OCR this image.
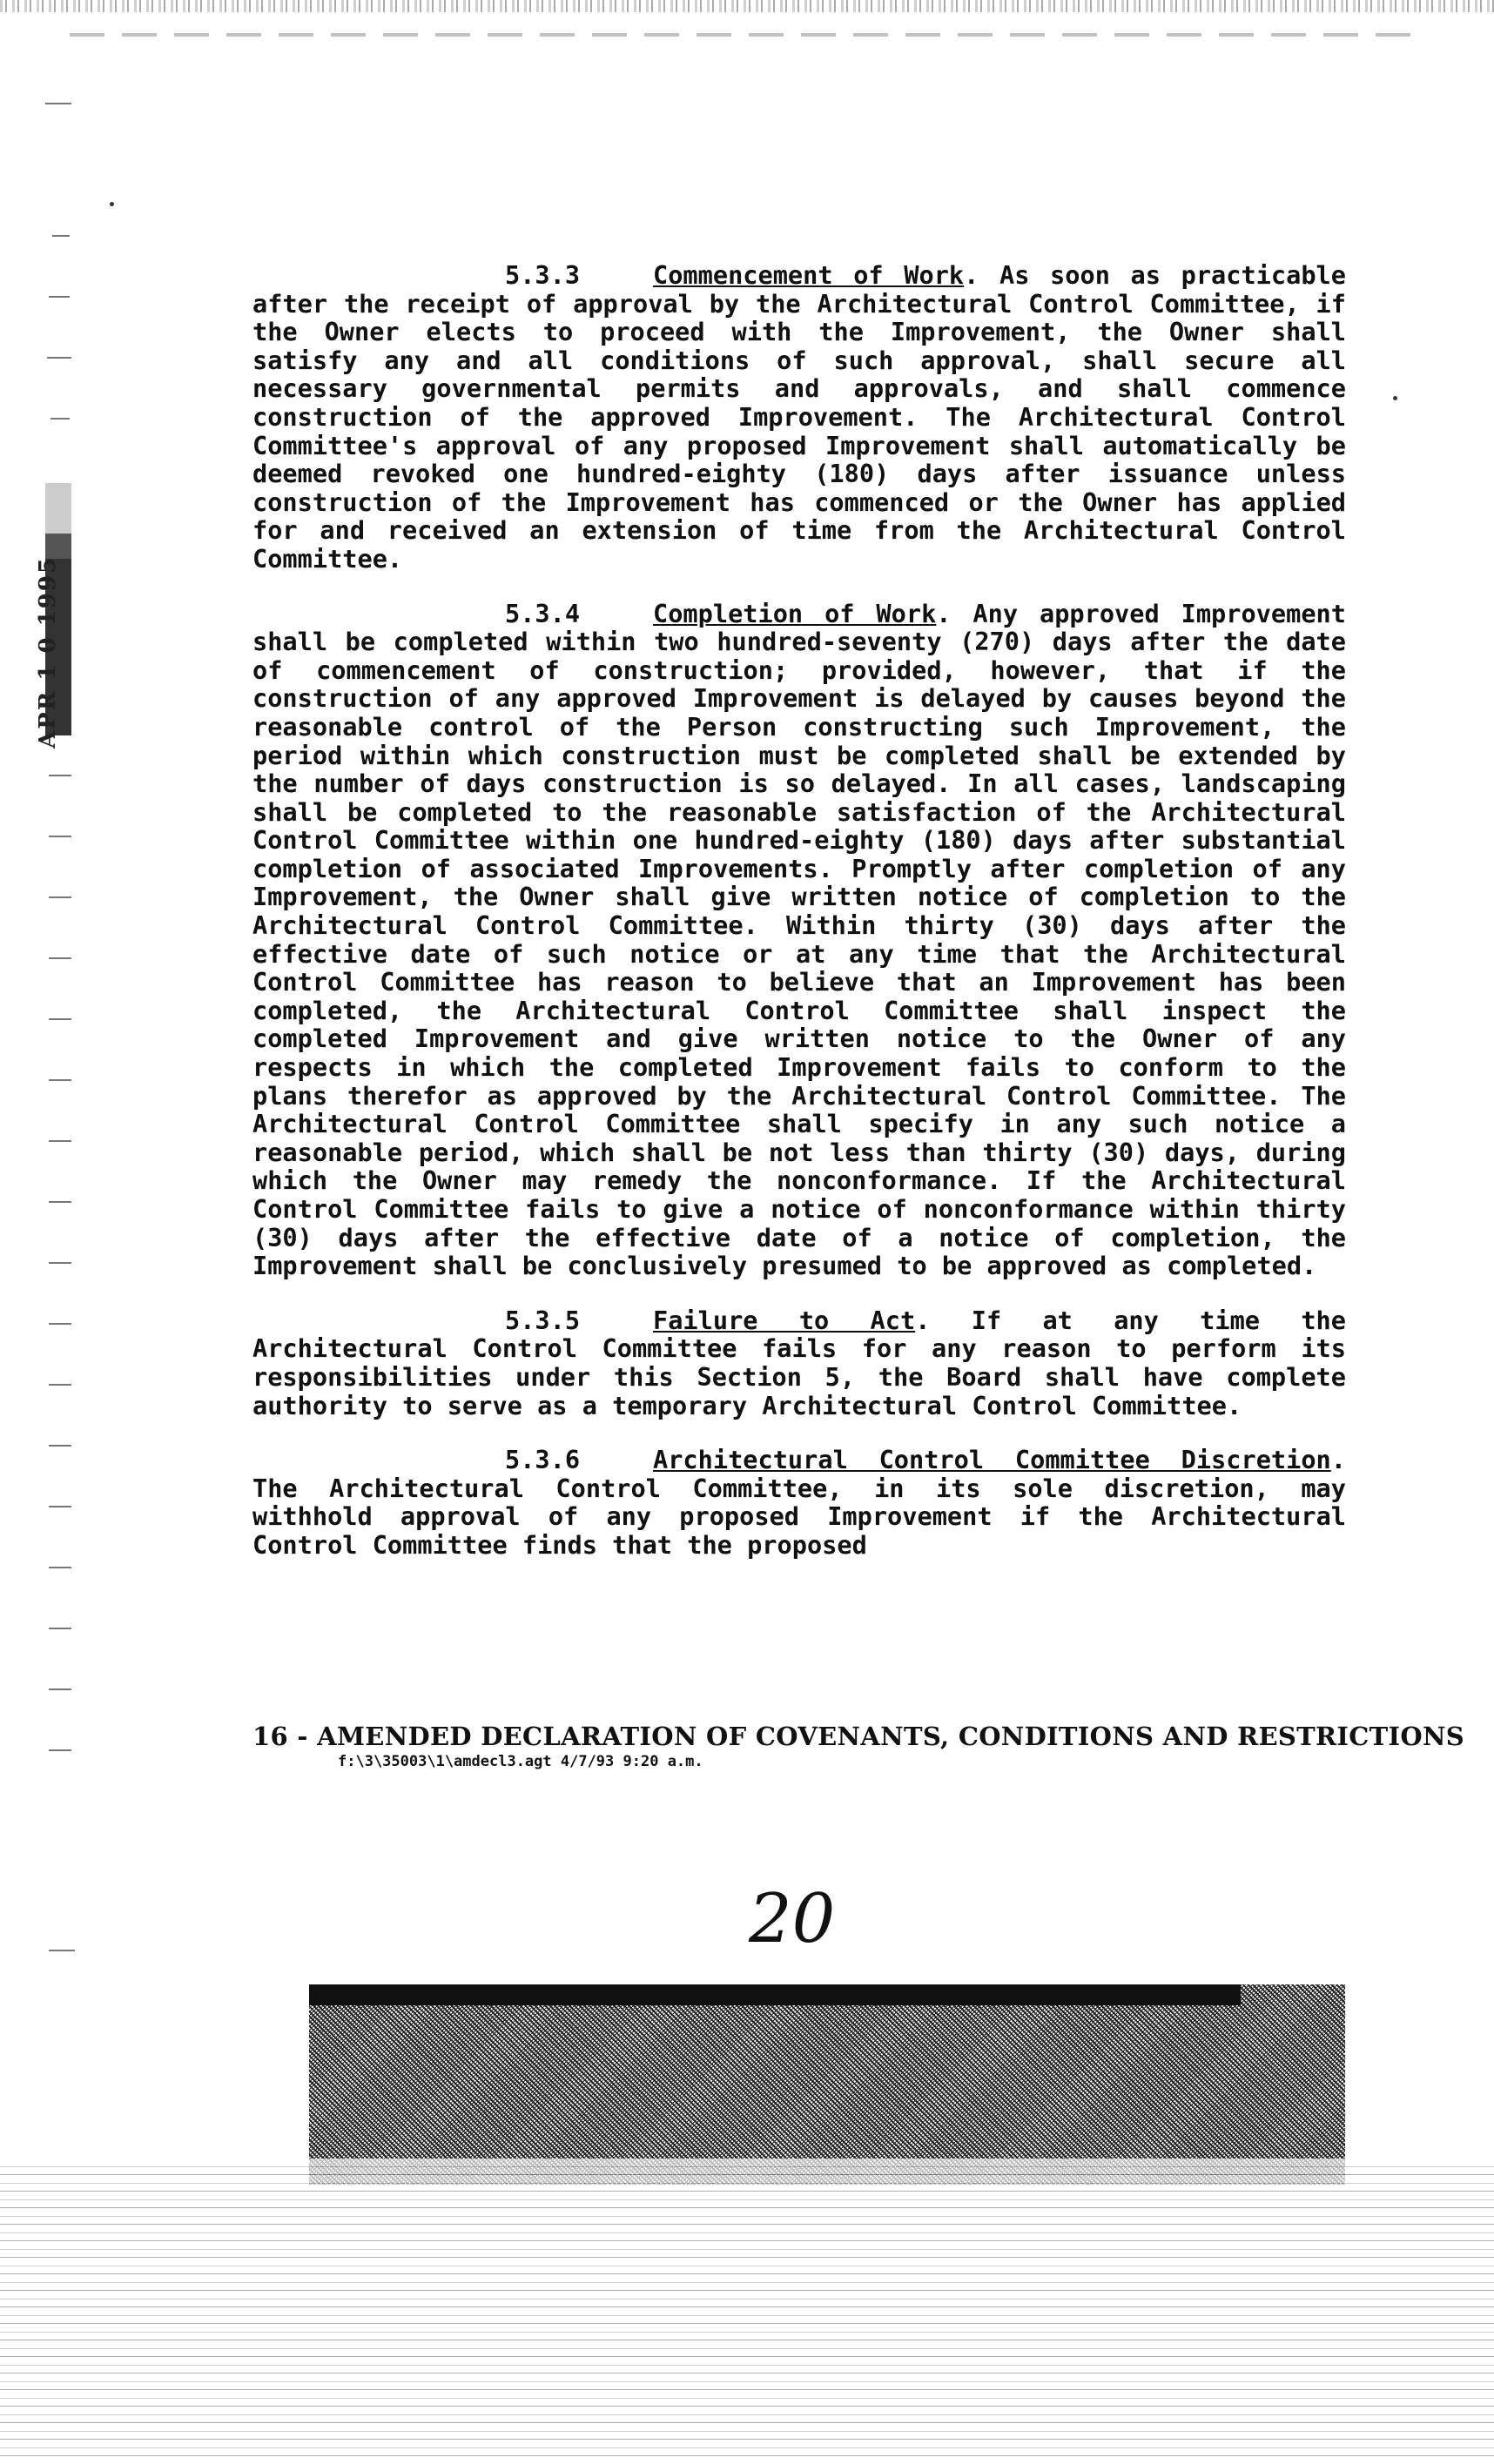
APR 1 0 1995

5.3.3	Commencement of Work. As soon as practicable after the receipt of approval by the Architectural Control Committee, if the Owner elects to proceed with the Improvement, the Owner shall satisfy any and all conditions of such approval, shall secure all necessary governmental permits and approvals, and shall commence construction of the approved Improvement. The Architectural Control Committee's approval of any proposed Improvement shall automatically be deemed revoked one hundred-eighty (180) days after issuance unless construction of the Improvement has commenced or the Owner has applied for and received an extension of time from the Architectural Control Committee.

5.3.4	Completion of Work. Any approved Improvement shall be completed within two hundred-seventy (270) days after the date of commencement of construction; provided, however, that if the construction of any approved Improvement is delayed by causes beyond the reasonable control of the Person constructing such Improvement, the period within which construction must be completed shall be extended by the number of days construction is so delayed. In all cases, landscaping shall be completed to the reasonable satisfaction of the Architectural Control Committee within one hundred-eighty (180) days after substantial completion of associated Improvements. Promptly after completion of any Improvement, the Owner shall give written notice of completion to the Architectural Control Committee. Within thirty (30) days after the effective date of such notice or at any time that the Architectural Control Committee has reason to believe that an Improvement has been completed, the Architectural Control Committee shall inspect the completed Improvement and give written notice to the Owner of any respects in which the completed Improvement fails to conform to the plans therefor as approved by the Architectural Control Committee. The Architectural Control Committee shall specify in any such notice a reasonable period, which shall be not less than thirty (30) days, during which the Owner may remedy the nonconformance. If the Architectural Control Committee fails to give a notice of nonconformance within thirty (30) days after the effective date of a notice of completion, the Improvement shall be conclusively presumed to be approved as completed.

5.3.5	Failure to Act. If at any time the Architectural Control Committee fails for any reason to perform its responsibilities under this Section 5, the Board shall have complete authority to serve as a temporary Architectural Control Committee.

5.3.6	Architectural Control Committee Discretion. The Architectural Control Committee, in its sole discretion, may withhold approval of any proposed Improvement if the Architectural Control Committee finds that the proposed

16 - AMENDED DECLARATION OF COVENANTS, CONDITIONS AND RESTRICTIONS
f:\3\35003\1\amdecl3.agt 4/7/93 9:20 a.m.
20
